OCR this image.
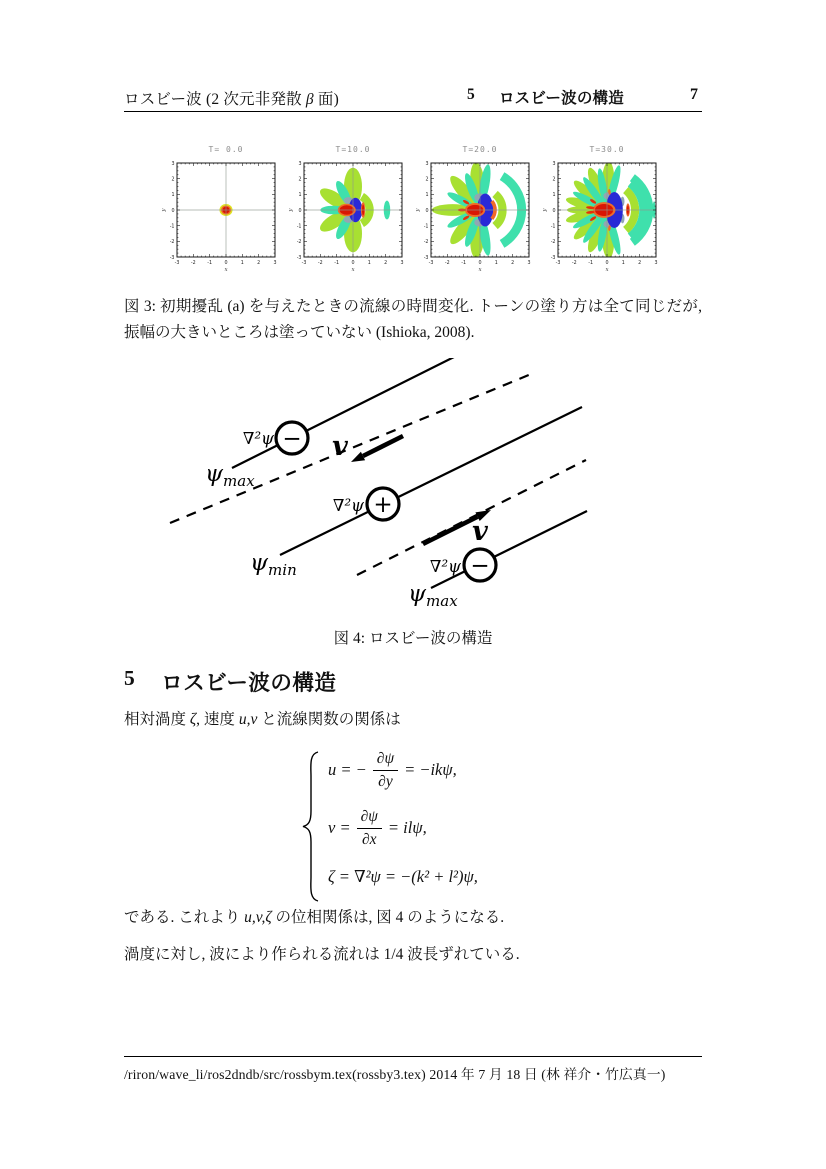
ロスビー波 (2 次元非発散 β 面)	5 ロスビー波の構造	7
T= 0.0
-3 -2 -1	0	1	2	3
3
2
1
0
-1
-2
-3
x
y
T=10.0
-3 -2 -1	0	1	2	3
3
2
1
0
-1
-2
-3
x
y
T=20.0
-3 -2 -1	0	1	2	3
3
2
1
0
-1
-2
-3
x
y
T=30.0
-3 -2 -1	0	1	2	3
3
2
1
0
-1
-2
-3
x
y
図 3: 初期擾乱 (a) を与えたときの流線の時間変化. トーンの塗り方は全て同じだが, 振幅の大きいところは塗っていない (Ishioka, 2008).
−
+
−
∇²ψ
∇²ψ
∇²ψ
$\psi_{max}$
$\psi_{min}$
$\psi_{max}$
v
v
図 4: ロスビー波の構造
5 ロスビー波の構造
相対渦度 ζ, 速度 u,v と流線関数の関係は
u = − $\frac{\partial\psi}{\partial y} = -ik\psi$,
$v = \frac{\partial\psi}{\partial x} = il\psi$,
ζ = ∇²ψ = −(k² + l²)ψ,
である. これより u,v,ζ の位相関係は, 図 4 のようになる.
渦度に対し, 波により作られる流れは 1/4 波長ずれている.
/riron/wave_li/ros2dndb/src/rossbym.tex(rossby3.tex) 2014 年 7 月 18 日 (林 祥介・竹広真一)
